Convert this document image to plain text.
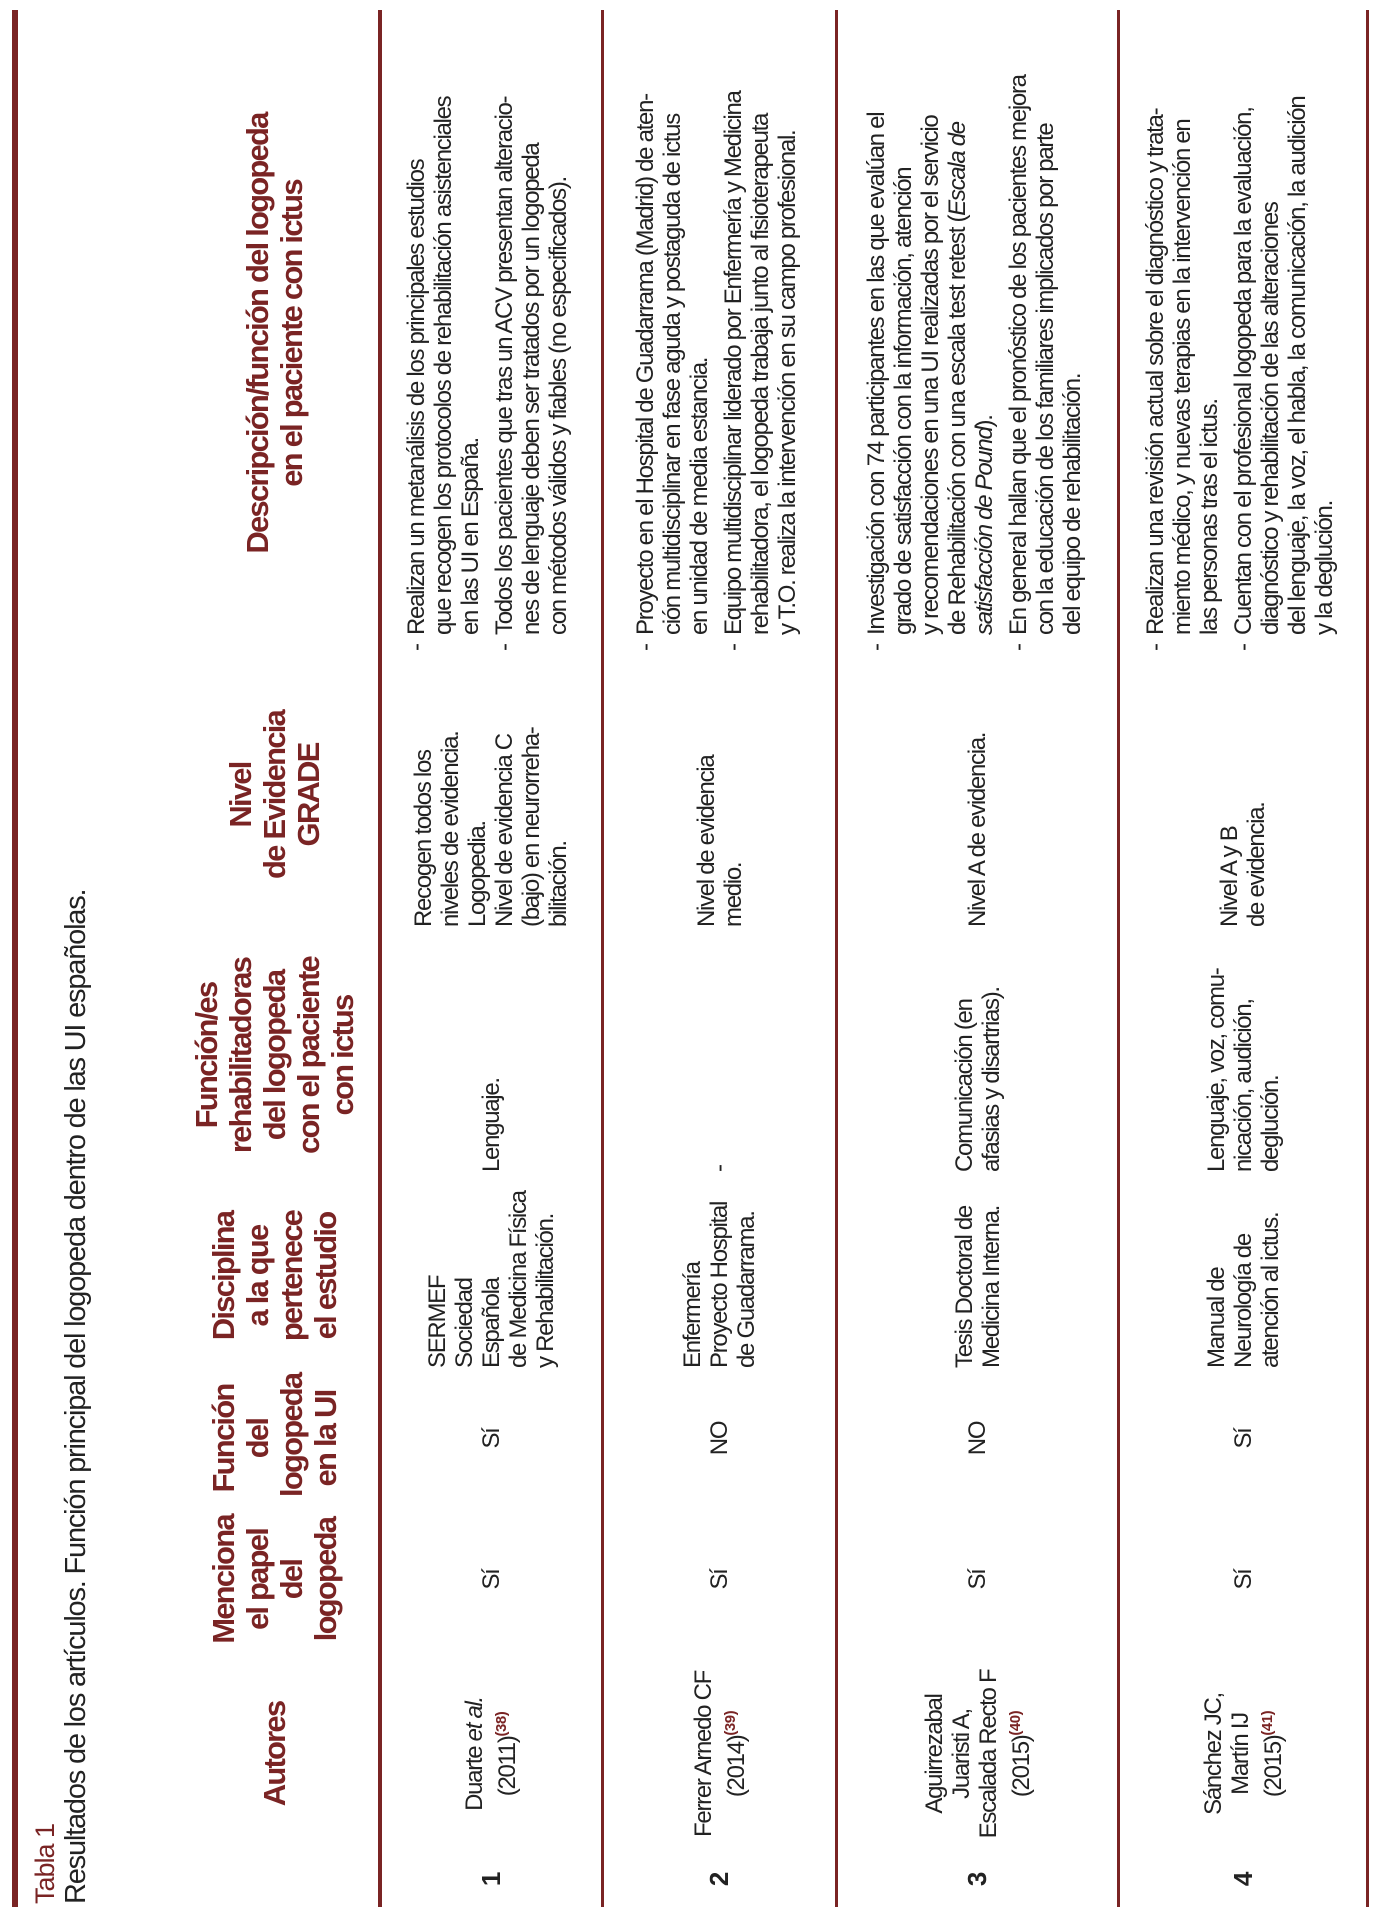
Tabla 1 Resultados de los artículos. Función principal del logopeda dentro de las UI españolas.	Autores
Menciona el papel del logopeda
Función del logopeda en la UI
Disciplina a la que pertenece el estudio
Función/es rehabilitadoras del logopeda con el paciente con ictus
Nivel de Evidencia GRADE
Descripción/función del logopeda en el paciente con ictus
1
Duarte et al.
(2011)$^{(38)}$
Sí
Sí
SERMEF Sociedad Española de Medicina Física y Rehabilitación.
Lenguaje.
Recogen todos los niveles de evidencia. Logopedia. Nivel de evidencia C (bajo) en neurorreha- bilitación.
-
Realizan un metanálisis de los principales estudios que recogen los protocolos de rehabilitación asistenciales en las UI en España.
-
Todos los pacientes que tras un ACV presentan alteracio- nes de lenguaje deben ser tratados por un logopeda con métodos válidos y fiables (no especificados).
2
Ferrer Arnedo CF (2014)$^{(39)}$
Sí
NO
Enfermería Proyecto Hospital de Guadarrama.
-
Nivel de evidencia medio.
-
Proyecto en el Hospital de Guadarrama (Madrid) de aten- ción multidisciplinar en fase aguda y postaguda de ictus en unidad de media estancia.
-
Equipo multidisciplinar liderado por Enfermería y Medicina rehabilitadora, el logopeda trabaja junto al fisioterapeuta y T.O. realiza la intervención en su campo profesional.
3
Aguirrezabal Juaristi A, Escalada Recto F (2015)$^{(40)}$
Sí
NO
Tesis Doctoral de Medicina Interna.
Comunicación (en afasias y disartrias).
Nivel A de evidencia.
-
Investigación con 74 participantes en las que evalúan el grado de satisfacción con la información, atención y recomendaciones en una UI realizadas por el servicio de Rehabilitación con una escala test retest (Escala de
satisfacción de Pound).
-
En general hallan que el pronóstico de los pacientes mejora con la educación de los familiares implicados por parte del equipo de rehabilitación.
4
Sánchez JC, Martín IJ (2015)$^{(41)}$
Sí
Sí
Manual de Neurología de atención al ictus.
Lenguaje, voz, comu- nicación, audición, deglución.
Nivel A y B de evidencia.
-
Realizan una revisión actual sobre el diagnóstico y trata- miento médico, y nuevas terapias en la intervención en las personas tras el ictus.
-
Cuentan con el profesional logopeda para la evaluación, diagnóstico y rehabilitación de las alteraciones del lenguaje, la voz, el habla, la comunicación, la audición y la deglución.
